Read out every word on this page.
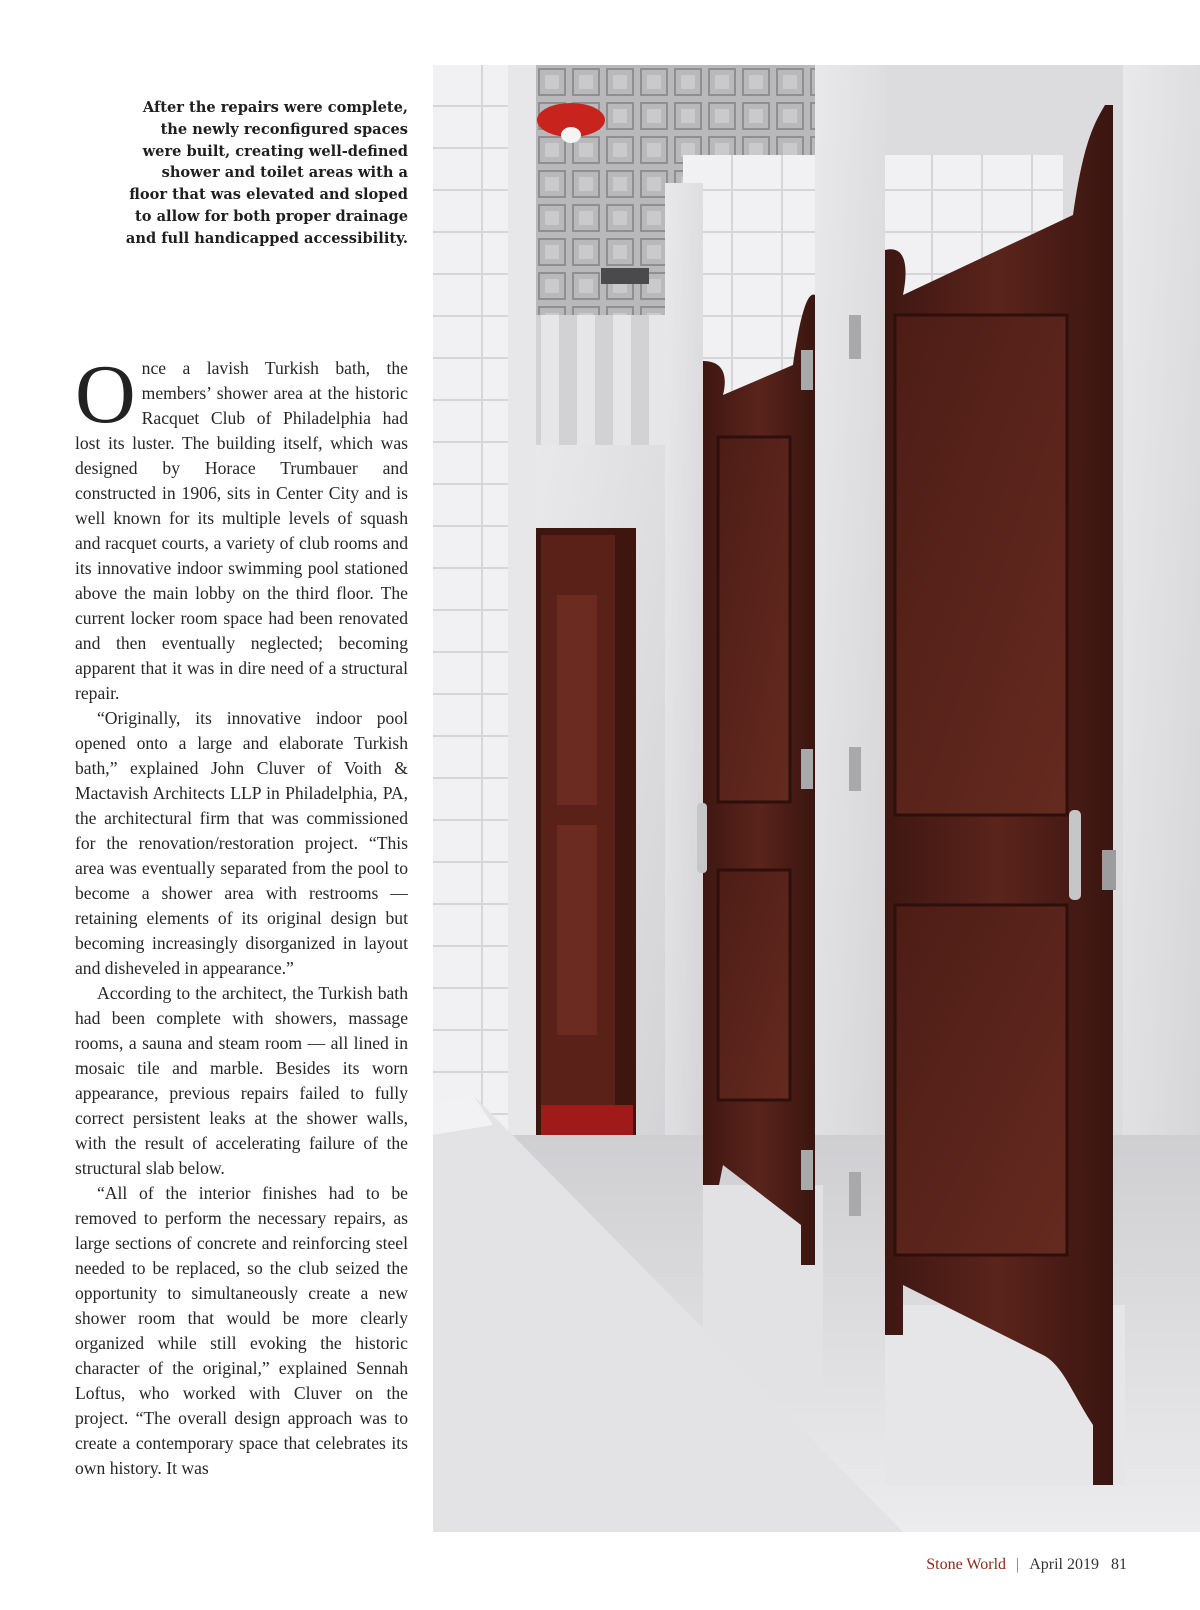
After the repairs were complete, the newly reconfigured spaces were built, creating well-defined shower and toilet areas with a floor that was elevated and sloped to allow for both proper drainage and full handicapped accessibility.

Once a lavish Turkish bath, the members’ shower area at the historic Racquet Club of Philadelphia had lost its luster. The building itself, which was designed by Horace Trumbauer and constructed in 1906, sits in Center City and is well known for its multiple levels of squash and racquet courts, a variety of club rooms and its innovative indoor swimming pool stationed above the main lobby on the third floor. The current locker room space had been renovated and then eventually neglected; becoming apparent that it was in dire need of a structural repair.

“Originally, its innovative indoor pool opened onto a large and elaborate Turkish bath,” explained John Cluver of Voith & Mactavish Architects LLP in Philadelphia, PA, the architectural firm that was commissioned for the renovation/restoration project. “This area was eventually separated from the pool to become a shower area with restrooms — retaining elements of its original design but becoming increasingly disorganized in layout and disheveled in appearance.”

According to the architect, the Turkish bath had been complete with showers, massage rooms, a sauna and steam room — all lined in mosaic tile and marble. Besides its worn appearance, previous repairs failed to fully correct persistent leaks at the shower walls, with the result of accelerating failure of the structural slab below.

“All of the interior finishes had to be removed to perform the necessary repairs, as large sections of concrete and reinforcing steel needed to be replaced, so the club seized the opportunity to simultaneously create a new shower room that would be more clearly organized while still evoking the historic character of the original,” explained Sennah Loftus, who worked with Cluver on the project. “The overall design approach was to create a contemporary space that celebrates its own history. It was

Stone World | April 2019 81
